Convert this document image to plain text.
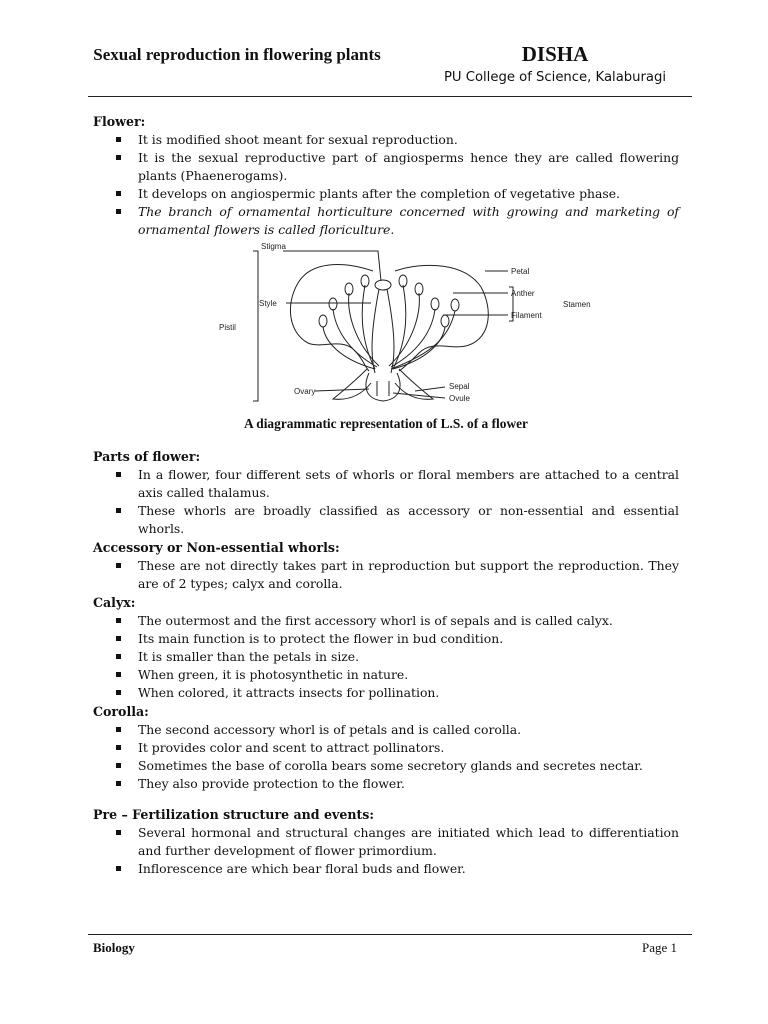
Sexual reproduction in flowering plants	DISHA
PU College of Science, Kalaburagi
Flower:
It is modified shoot meant for sexual reproduction.
It is the sexual reproductive part of angiosperms hence they are called flowering plants (Phaenerogams).
It develops on angiospermic plants after the completion of vegetative phase.
The branch of ornamental horticulture concerned with growing and marketing of ornamental flowers is called floriculture.
Stigma
Style
Pistil
Ovary
Petal
Anther
Filament
Stamen
Sepal
Ovule
A diagrammatic representation of L.S. of a flower
Parts of flower:
In a flower, four different sets of whorls or floral members are attached to a central axis called thalamus.
These whorls are broadly classified as accessory or non-essential and essential whorls.
Accessory or Non-essential whorls:
These are not directly takes part in reproduction but support the reproduction. They are of 2 types; calyx and corolla.
Calyx:
The outermost and the first accessory whorl is of sepals and is called calyx.
Its main function is to protect the flower in bud condition.
It is smaller than the petals in size.
When green, it is photosynthetic in nature.
When colored, it attracts insects for pollination.
Corolla:
The second accessory whorl is of petals and is called corolla.
It provides color and scent to attract pollinators.
Sometimes the base of corolla bears some secretory glands and secretes nectar.
They also provide protection to the flower.
Pre – Fertilization structure and events:
Several hormonal and structural changes are initiated which lead to differentiation and further development of flower primordium.
Inflorescence are which bear floral buds and flower.
Biology	Page 1
